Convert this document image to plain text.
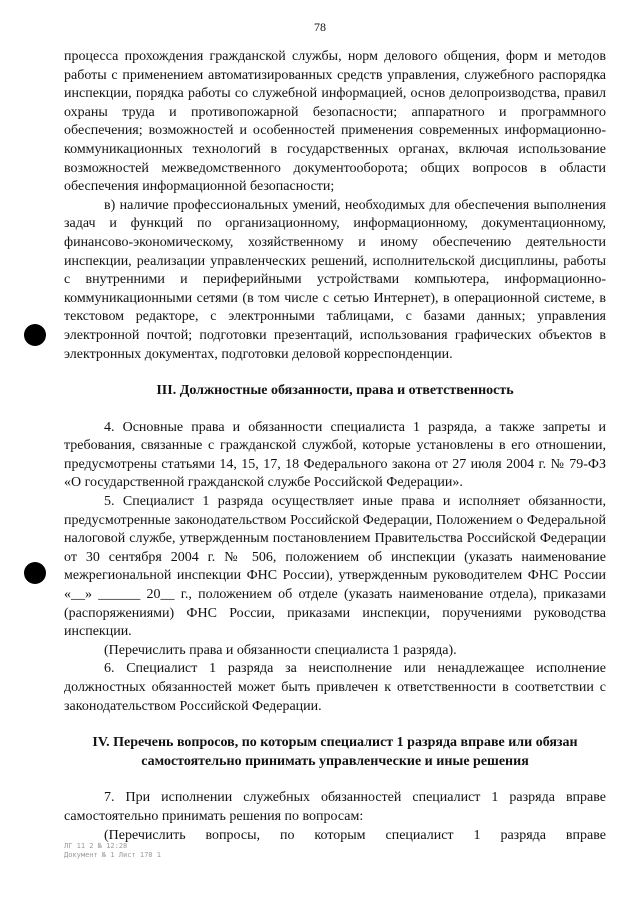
78

процесса прохождения гражданской службы, норм делового общения, форм и методов работы с применением автоматизированных средств управления, служебного распорядка инспекции, порядка работы со служебной информацией, основ делопроизводства, правил охраны труда и противопожарной безопасности; аппаратного и программного обеспечения; возможностей и особенностей применения современных информационно-коммуникационных технологий в государственных органах, включая использование возможностей межведомственного документооборота; общих вопросов в области обеспечения информационной безопасности;

в) наличие профессиональных умений, необходимых для обеспечения выполнения задач и функций по организационному, информационному, документационному, финансово-экономическому, хозяйственному и иному обеспечению деятельности инспекции, реализации управленческих решений, исполнительской дисциплины, работы с внутренними и периферийными устройствами компьютера, информационно-коммуникационными сетями (в том числе с сетью Интернет), в операционной системе, в текстовом редакторе, с электронными таблицами, с базами данных; управления электронной почтой; подготовки презентаций, использования графических объектов в электронных документах, подготовки деловой корреспонденции.

III. Должностные обязанности, права и ответственность

4. Основные права и обязанности специалиста 1 разряда, а также запреты и требования, связанные с гражданской службой, которые установлены в его отношении, предусмотрены статьями 14, 15, 17, 18 Федерального закона от 27 июля 2004 г. № 79-ФЗ «О государственной гражданской службе Российской Федерации».

5. Специалист 1 разряда осуществляет иные права и исполняет обязанности, предусмотренные законодательством Российской Федерации, Положением о Федеральной налоговой службе, утвержденным постановлением Правительства Российской Федерации от 30 сентября 2004 г. № 506, положением об инспекции (указать наименование межрегиональной инспекции ФНС России), утвержденным руководителем ФНС России «__» ______ 20__ г., положением об отделе (указать наименование отдела), приказами (распоряжениями) ФНС России, приказами инспекции, поручениями руководства инспекции.

(Перечислить права и обязанности специалиста 1 разряда).

6. Специалист 1 разряда за неисполнение или ненадлежащее исполнение должностных обязанностей может быть привлечен к ответственности в соответствии с законодательством Российской Федерации.

IV. Перечень вопросов, по которым специалист 1 разряда вправе или обязан самостоятельно принимать управленческие и иные решения

7. При исполнении служебных обязанностей специалист 1 разряда вправе самостоятельно принимать решения по вопросам:

(Перечислить вопросы, по которым специалист 1 разряда вправе

ЛГ 11 2 № 12:28
Документ № 1 Лист 178 1
